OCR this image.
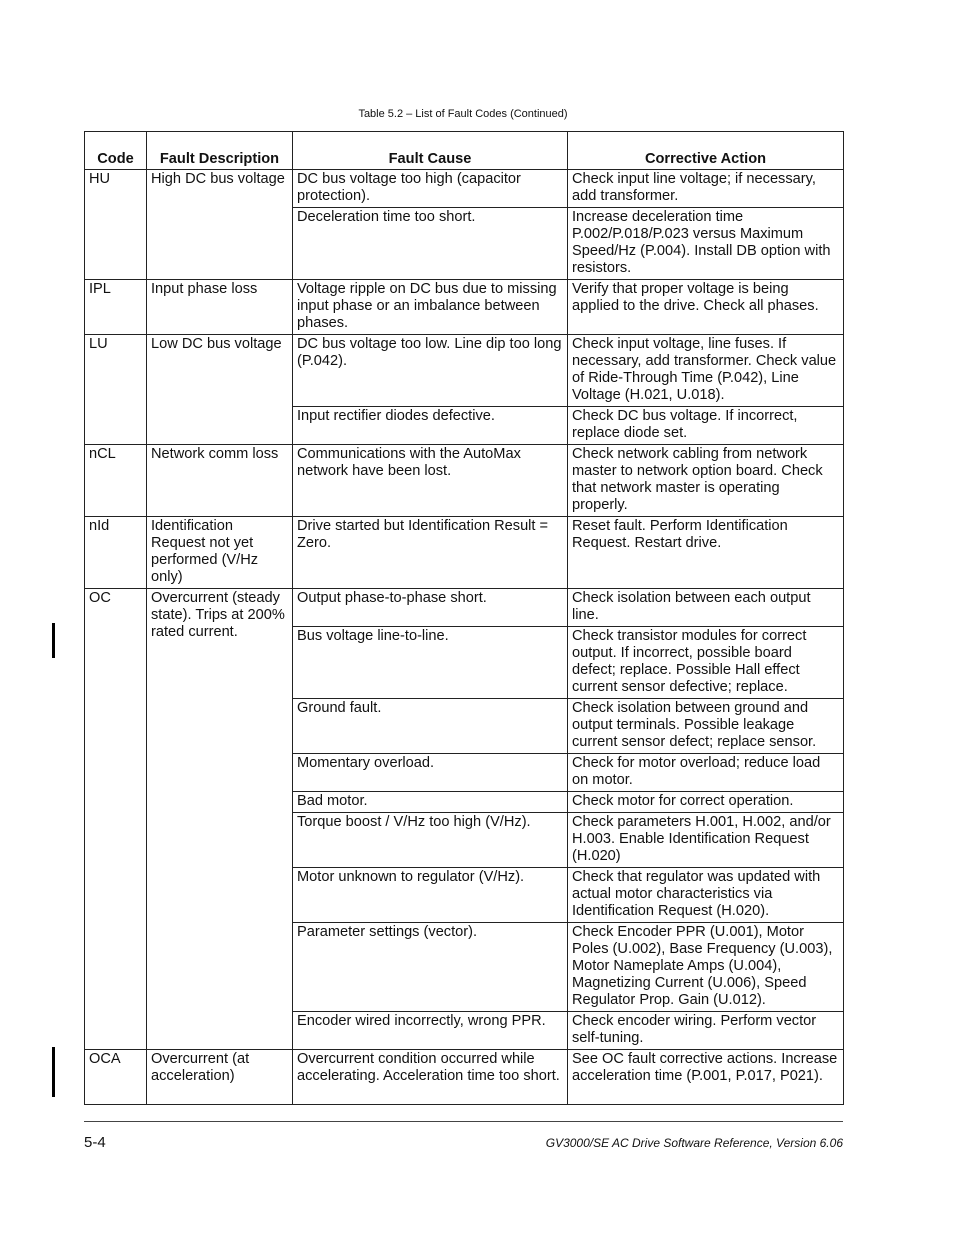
Table 5.2 – List of Fault Codes (Continued)
Code	Fault Description	Fault Cause	Corrective Action
HU	High DC bus voltage	DC bus voltage too high (capacitor protection).	Check input line voltage; if necessary, add transformer.
		Deceleration time too short.	Increase deceleration time P.002/P.018/P.023 versus Maximum Speed/Hz (P.004). Install DB option with resistors.
IPL	Input phase loss	Voltage ripple on DC bus due to missing input phase or an imbalance between phases.	Verify that proper voltage is being applied to the drive. Check all phases.
LU	Low DC bus voltage	DC bus voltage too low. Line dip too long (P.042).	Check input voltage, line fuses. If necessary, add transformer. Check value of Ride-Through Time (P.042), Line Voltage (H.021, U.018).
		Input rectifier diodes defective.	Check DC bus voltage. If incorrect, replace diode set.
nCL	Network comm loss	Communications with the AutoMax network have been lost.	Check network cabling from network master to network option board. Check that network master is operating properly.
nId	Identification Request not yet performed (V/Hz only)	Drive started but Identification Result = Zero.	Reset fault. Perform Identification Request. Restart drive.
OC	Overcurrent (steady state). Trips at 200% rated current.	Output phase-to-phase short.	Check isolation between each output line.
		Bus voltage line-to-line.	Check transistor modules for correct output. If incorrect, possible board defect; replace. Possible Hall effect current sensor defective; replace.
		Ground fault.	Check isolation between ground and output terminals. Possible leakage current sensor defect; replace sensor.
		Momentary overload.	Check for motor overload; reduce load on motor.
		Bad motor.	Check motor for correct operation.
		Torque boost / V/Hz too high (V/Hz).	Check parameters H.001, H.002, and/or H.003. Enable Identification Request (H.020)
		Motor unknown to regulator (V/Hz).	Check that regulator was updated with actual motor characteristics via Identification Request (H.020).
		Parameter settings (vector).	Check Encoder PPR (U.001), Motor Poles (U.002), Base Frequency (U.003), Motor Nameplate Amps (U.004), Magnetizing Current (U.006), Speed Regulator Prop. Gain (U.012).
		Encoder wired incorrectly, wrong PPR.	Check encoder wiring. Perform vector self-tuning.
OCA	Overcurrent (at acceleration)	Overcurrent condition occurred while accelerating. Acceleration time too short.	See OC fault corrective actions. Increase acceleration time (P.001, P.017, P021).
5-4	GV3000/SE AC Drive Software Reference, Version 6.06
